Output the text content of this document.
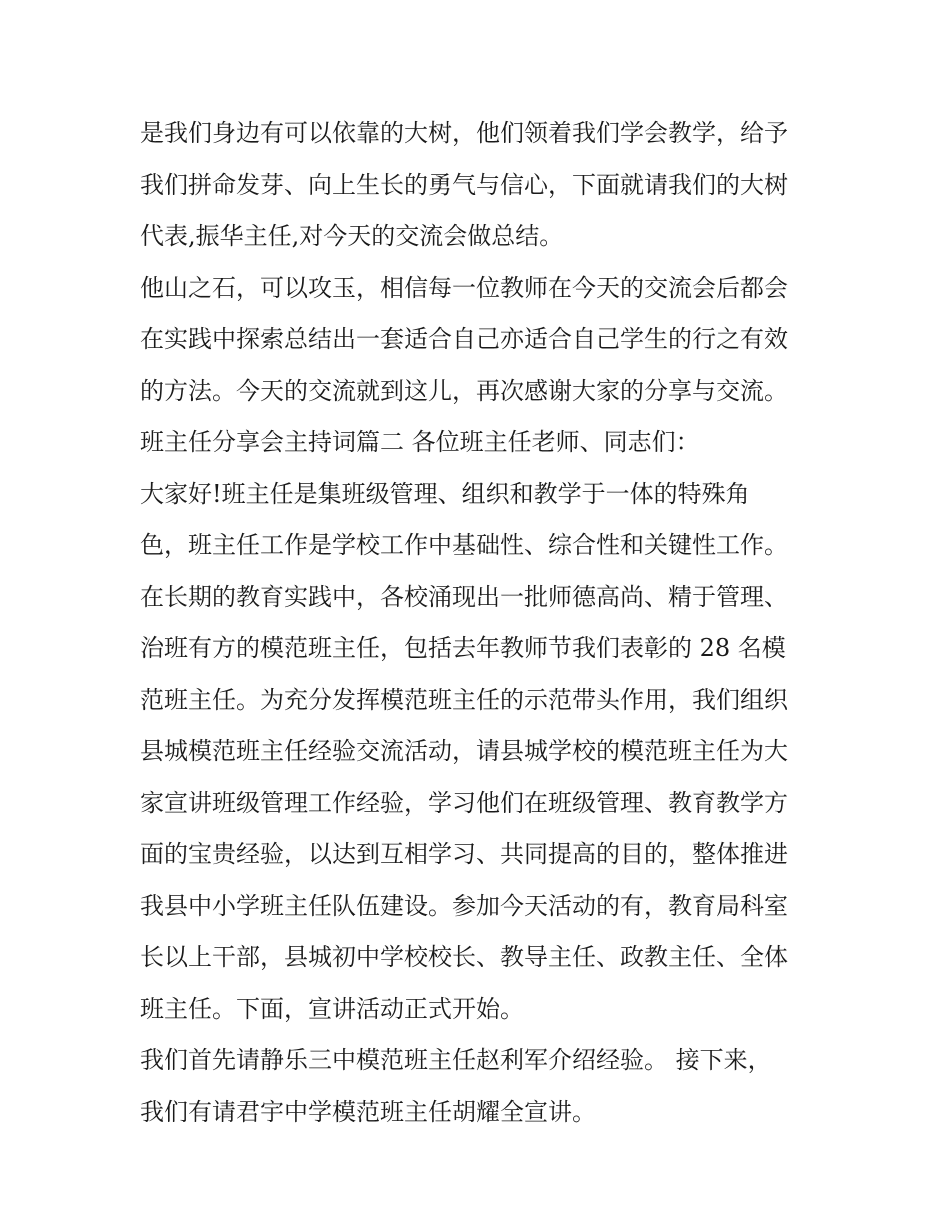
是我们身边有可以依靠的大树，他们领着我们学会教学，给予
我们拼命发芽、向上生长的勇气与信心，下面就请我们的大树
代表,振华主任,对今天的交流会做总结。
他山之石，可以攻玉，相信每一位教师在今天的交流会后都会
在实践中探索总结出一套适合自己亦适合自己学生的行之有效
的方法。今天的交流就到这儿，再次感谢大家的分享与交流。
班主任分享会主持词篇二 各位班主任老师、同志们：
大家好!班主任是集班级管理、组织和教学于一体的特殊角
色，班主任工作是学校工作中基础性、综合性和关键性工作。
在长期的教育实践中，各校涌现出一批师德高尚、精于管理、
治班有方的模范班主任，包括去年教师节我们表彰的 28 名模
范班主任。为充分发挥模范班主任的示范带头作用，我们组织
县城模范班主任经验交流活动，请县城学校的模范班主任为大
家宣讲班级管理工作经验，学习他们在班级管理、教育教学方
面的宝贵经验，以达到互相学习、共同提高的目的，整体推进
我县中小学班主任队伍建设。参加今天活动的有，教育局科室
长以上干部，县城初中学校校长、教导主任、政教主任、全体
班主任。下面，宣讲活动正式开始。
我们首先请静乐三中模范班主任赵利军介绍经验。 接下来，
我们有请君宇中学模范班主任胡耀全宣讲。
